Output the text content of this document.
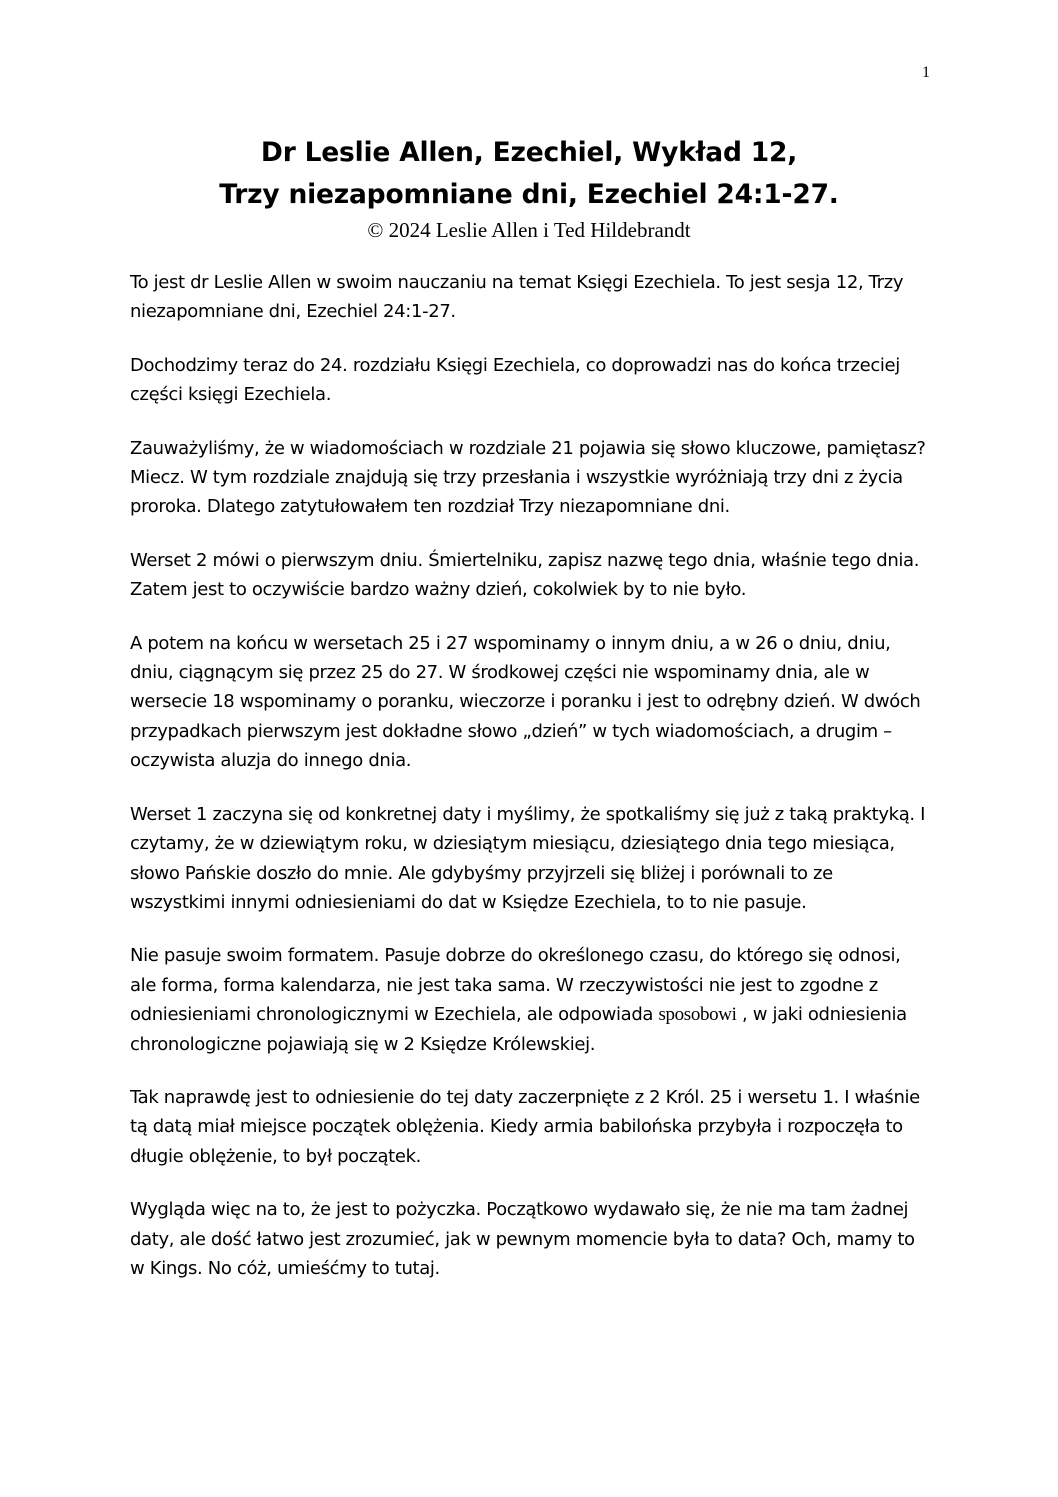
1
Dr Leslie Allen, Ezechiel, Wykład 12,
Trzy niezapomniane dni, Ezechiel 24:1-27.
© 2024 Leslie Allen i Ted Hildebrandt

To jest dr Leslie Allen w swoim nauczaniu na temat Księgi Ezechiela. To jest sesja 12, Trzy niezapomniane dni, Ezechiel 24:1-27.

Dochodzimy teraz do 24. rozdziału Księgi Ezechiela, co doprowadzi nas do końca trzeciej części księgi Ezechiela.

Zauważyliśmy, że w wiadomościach w rozdziale 21 pojawia się słowo kluczowe, pamiętasz? Miecz. W tym rozdziale znajdują się trzy przesłania i wszystkie wyróżniają trzy dni z życia proroka. Dlatego zatytułowałem ten rozdział Trzy niezapomniane dni.

Werset 2 mówi o pierwszym dniu. Śmiertelniku, zapisz nazwę tego dnia, właśnie tego dnia. Zatem jest to oczywiście bardzo ważny dzień, cokolwiek by to nie było.

A potem na końcu w wersetach 25 i 27 wspominamy o innym dniu, a w 26 o dniu, dniu, dniu, ciągnącym się przez 25 do 27. W środkowej części nie wspominamy dnia, ale w wersecie 18 wspominamy o poranku, wieczorze i poranku i jest to odrębny dzień. W dwóch przypadkach pierwszym jest dokładne słowo „dzień” w tych wiadomościach, a drugim – oczywista aluzja do innego dnia.

Werset 1 zaczyna się od konkretnej daty i myślimy, że spotkaliśmy się już z taką praktyką. I czytamy, że w dziewiątym roku, w dziesiątym miesiącu, dziesiątego dnia tego miesiąca, słowo Pańskie doszło do mnie. Ale gdybyśmy przyjrzeli się bliżej i porównali to ze wszystkimi innymi odniesieniami do dat w Księdze Ezechiela, to to nie pasuje.

Nie pasuje swoim formatem. Pasuje dobrze do określonego czasu, do którego się odnosi, ale forma, forma kalendarza, nie jest taka sama. W rzeczywistości nie jest to zgodne z odniesieniami chronologicznymi w Ezechiela, ale odpowiada sposobowi , w jaki odniesienia chronologiczne pojawiają się w 2 Księdze Królewskiej.

Tak naprawdę jest to odniesienie do tej daty zaczerpnięte z 2 Król. 25 i wersetu 1. I właśnie tą datą miał miejsce początek oblężenia. Kiedy armia babilońska przybyła i rozpoczęła to długie oblężenie, to był początek.

Wygląda więc na to, że jest to pożyczka. Początkowo wydawało się, że nie ma tam żadnej daty, ale dość łatwo jest zrozumieć, jak w pewnym momencie była to data? Och, mamy to w Kings. No cóż, umieśćmy to tutaj.
